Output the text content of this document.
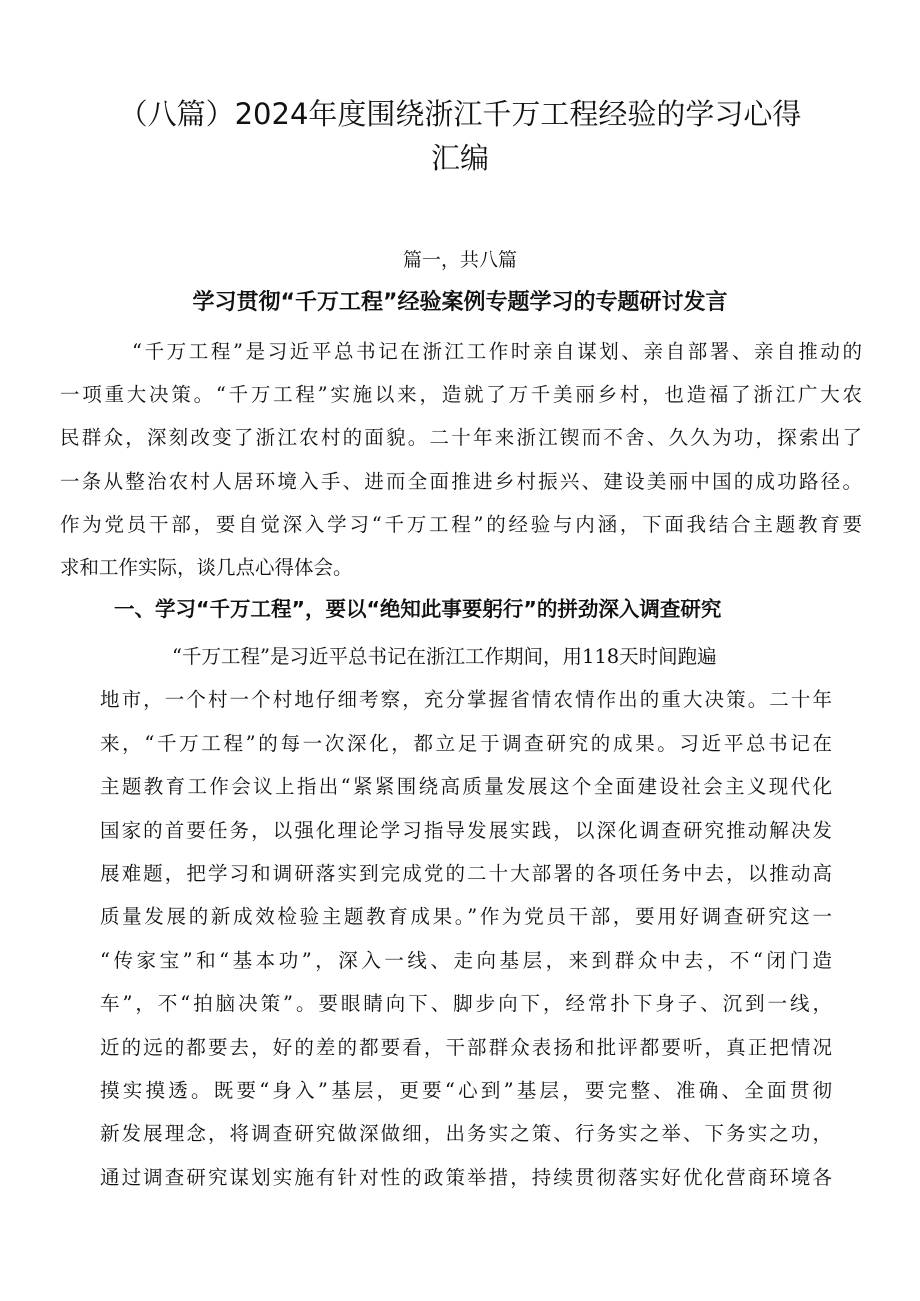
（八篇）2024年度围绕浙江千万工程经验的学习心得
汇编

篇一，共八篇

学习贯彻“千万工程”经验案例专题学习的专题研讨发言
“千万工程”是习近平总书记在浙江工作时亲自谋划、亲自部署、亲自推动的
一项重大决策。“千万工程”实施以来，造就了万千美丽乡村，也造福了浙江广大农
民群众，深刻改变了浙江农村的面貌。二十年来浙江锲而不舍、久久为功，探索出了
一条从整治农村人居环境入手、进而全面推进乡村振兴、建设美丽中国的成功路径。
作为党员干部，要自觉深入学习“千万工程”的经验与内涵，下面我结合主题教育要
求和工作实际，谈几点心得体会。
一、学习“千万工程”，要以“绝知此事要躬行”的拼劲深入调查研究
“千万工程”是习近平总书记在浙江工作期间，用118天时间跑遍
地市，一个村一个村地仔细考察，充分掌握省情农情作出的重大决策。二十年
来，“千万工程”的每一次深化，都立足于调查研究的成果。习近平总书记在
主题教育工作会议上指出“紧紧围绕高质量发展这个全面建设社会主义现代化
国家的首要任务，以强化理论学习指导发展实践，以深化调查研究推动解决发
展难题，把学习和调研落实到完成党的二十大部署的各项任务中去，以推动高
质量发展的新成效检验主题教育成果。”作为党员干部，要用好调查研究这一
“传家宝”和“基本功”，深入一线、走向基层，来到群众中去，不“闭门造
车”，不“拍脑决策”。要眼睛向下、脚步向下，经常扑下身子、沉到一线，
近的远的都要去，好的差的都要看，干部群众表扬和批评都要听，真正把情况
摸实摸透。既要“身入”基层，更要“心到”基层，要完整、准确、全面贯彻
新发展理念，将调查研究做深做细，出务实之策、行务实之举、下务实之功，
通过调查研究谋划实施有针对性的政策举措，持续贯彻落实好优化营商环境各
